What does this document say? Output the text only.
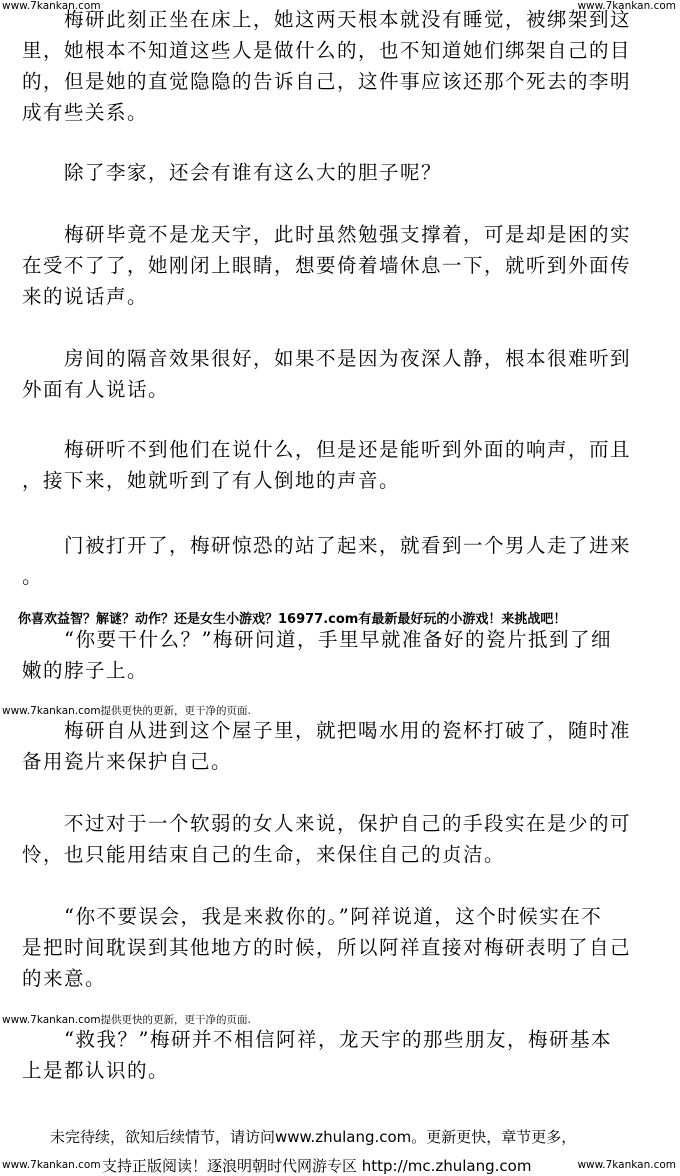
www.7kankan.com	www.7kankan.com
　　梅研此刻正坐在床上，她这两天根本就没有睡觉，被绑架到这
里，她根本不知道这些人是做什么的，也不知道她们绑架自己的目
的，但是她的直觉隐隐的告诉自己，这件事应该还那个死去的李明
成有些关系。
　　除了李家，还会有谁有这么大的胆子呢？
　　梅研毕竟不是龙天宇，此时虽然勉强支撑着，可是却是困的实
在受不了了，她刚闭上眼睛，想要倚着墙休息一下，就听到外面传
来的说话声。
　　房间的隔音效果很好，如果不是因为夜深人静，根本很难听到
外面有人说话。
　　梅研听不到他们在说什么，但是还是能听到外面的响声，而且
，接下来，她就听到了有人倒地的声音。
　　门被打开了，梅研惊恐的站了起来，就看到一个男人走了进来
。
你喜欢益智？解谜？动作？还是女生小游戏？16977.com有最新最好玩的小游戏！来挑战吧！
　　“你要干什么？”梅研问道，手里早就准备好的瓷片抵到了细
嫩的脖子上。
www.7kankan.com提供更快的更新，更干净的页面.
　　梅研自从进到这个屋子里，就把喝水用的瓷杯打破了，随时准
备用瓷片来保护自己。
　　不过对于一个软弱的女人来说，保护自己的手段实在是少的可
怜，也只能用结束自己的生命，来保住自己的贞洁。
　　“你不要误会，我是来救你的。”阿祥说道，这个时候实在不
是把时间耽误到其他地方的时候，所以阿祥直接对梅研表明了自己
的来意。
www.7kankan.com提供更快的更新，更干净的页面.
　　“救我？”梅研并不相信阿祥，龙天宇的那些朋友，梅研基本
上是都认识的。
未完待续，欲知后续情节，请访问www.zhulang.com。更新更快，章节更多，
www.7kankan.com 支持正版阅读！逐浪明朝时代网游专区 http://mc.zhulang.com	www.7kankan.com
